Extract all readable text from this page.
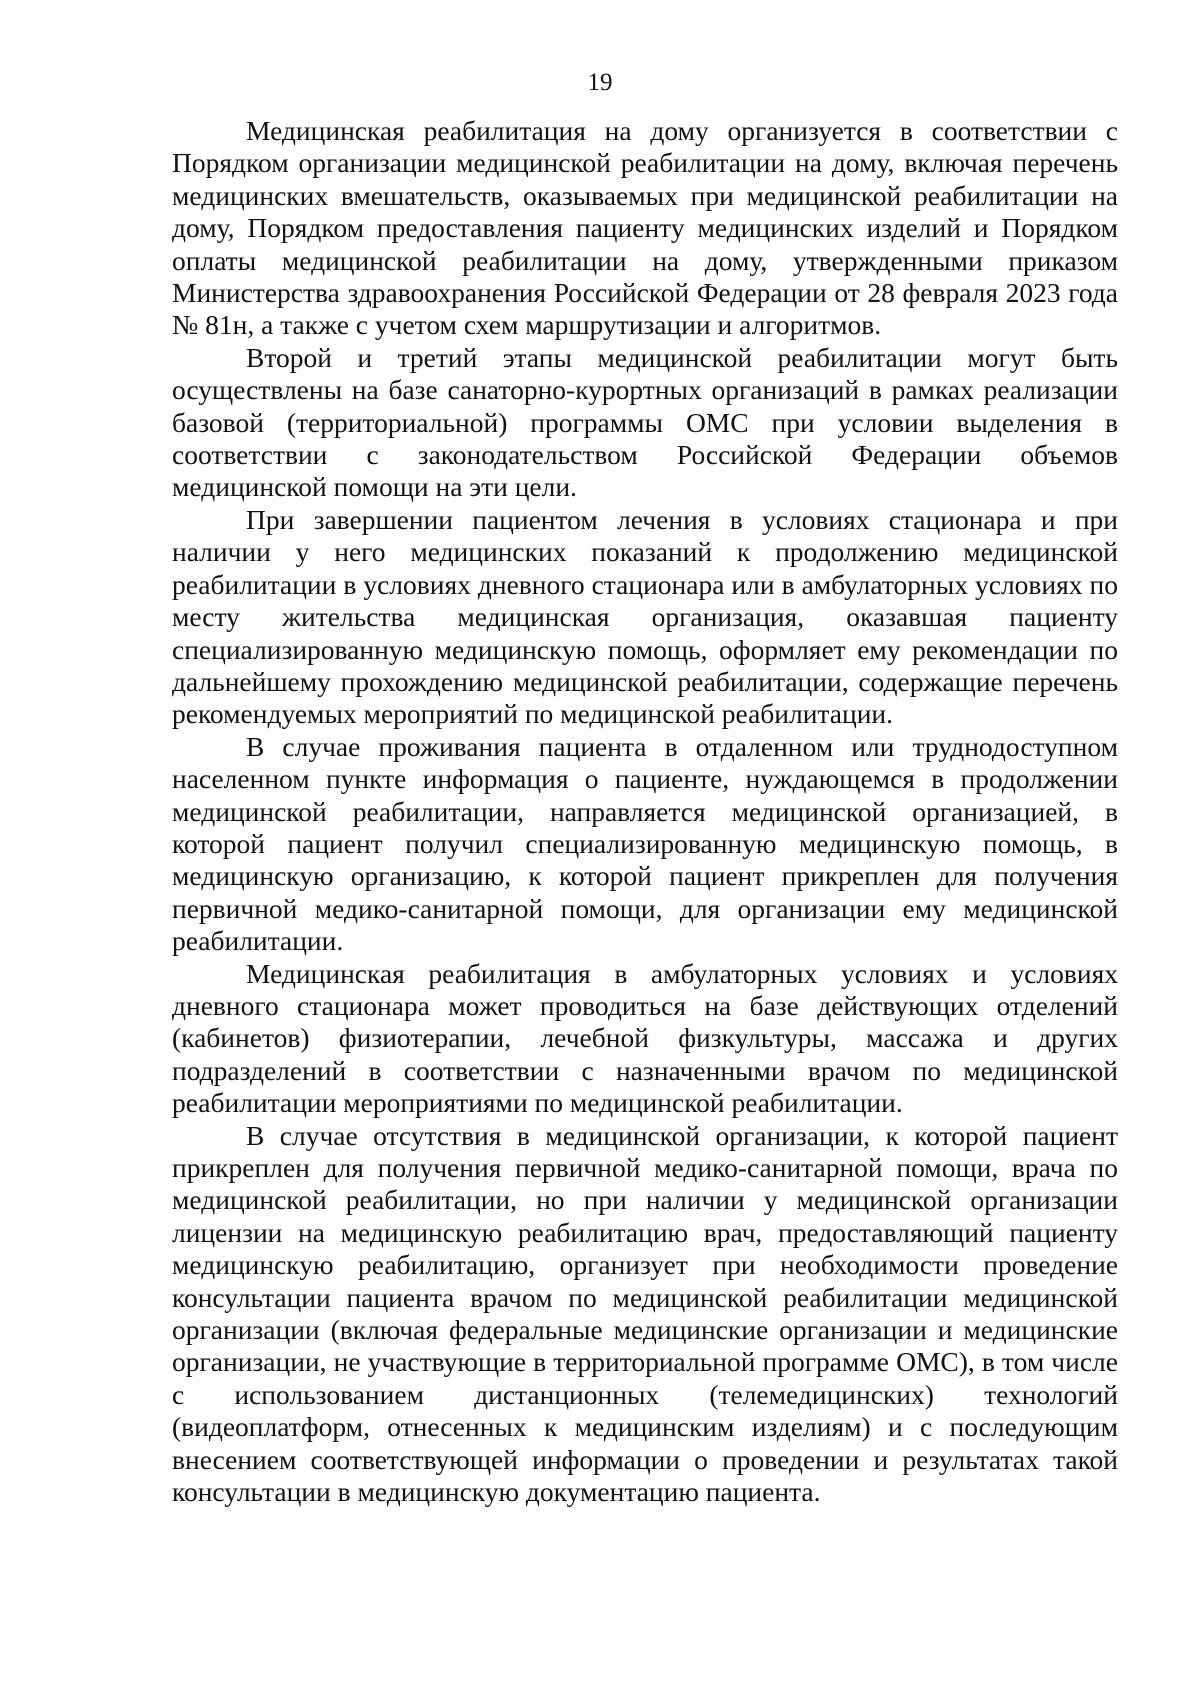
19

Медицинская реабилитация на дому организуется в соответствии с Порядком организации медицинской реабилитации на дому, включая перечень медицинских вмешательств, оказываемых при медицинской реабилитации на дому, Порядком предоставления пациенту медицинских изделий и Порядком оплаты медицинской реабилитации на дому, утвержденными приказом Министерства здравоохранения Российской Федерации от 28 февраля 2023 года № 81н, а также с учетом схем маршрутизации и алгоритмов.

Второй и третий этапы медицинской реабилитации могут быть осуществлены на базе санаторно-курортных организаций в рамках реализации базовой (территориальной) программы ОМС при условии выделения в соответствии с законодательством Российской Федерации объемов медицинской помощи на эти цели.

При завершении пациентом лечения в условиях стационара и при наличии у него медицинских показаний к продолжению медицинской реабилитации в условиях дневного стационара или в амбулаторных условиях по месту жительства медицинская организация, оказавшая пациенту специализированную медицинскую помощь, оформляет ему рекомендации по дальнейшему прохождению медицинской реабилитации, содержащие перечень рекомендуемых мероприятий по медицинской реабилитации.

В случае проживания пациента в отдаленном или труднодоступном населенном пункте информация о пациенте, нуждающемся в продолжении медицинской реабилитации, направляется медицинской организацией, в которой пациент получил специализированную медицинскую помощь, в медицинскую организацию, к которой пациент прикреплен для получения первичной медико-санитарной помощи, для организации ему медицинской реабилитации.

Медицинская реабилитация в амбулаторных условиях и условиях дневного стационара может проводиться на базе действующих отделений (кабинетов) физиотерапии, лечебной физкультуры, массажа и других подразделений в соответствии с назначенными врачом по медицинской реабилитации мероприятиями по медицинской реабилитации.

В случае отсутствия в медицинской организации, к которой пациент прикреплен для получения первичной медико-санитарной помощи, врача по медицинской реабилитации, но при наличии у медицинской организации лицензии на медицинскую реабилитацию врач, предоставляющий пациенту медицинскую реабилитацию, организует при необходимости проведение консультации пациента врачом по медицинской реабилитации медицинской организации (включая федеральные медицинские организации и медицинские организации, не участвующие в территориальной программе ОМС), в том числе с использованием дистанционных (телемедицинских) технологий (видеоплатформ, отнесенных к медицинским изделиям) и с последующим внесением соответствующей информации о проведении и результатах такой консультации в медицинскую документацию пациента.
